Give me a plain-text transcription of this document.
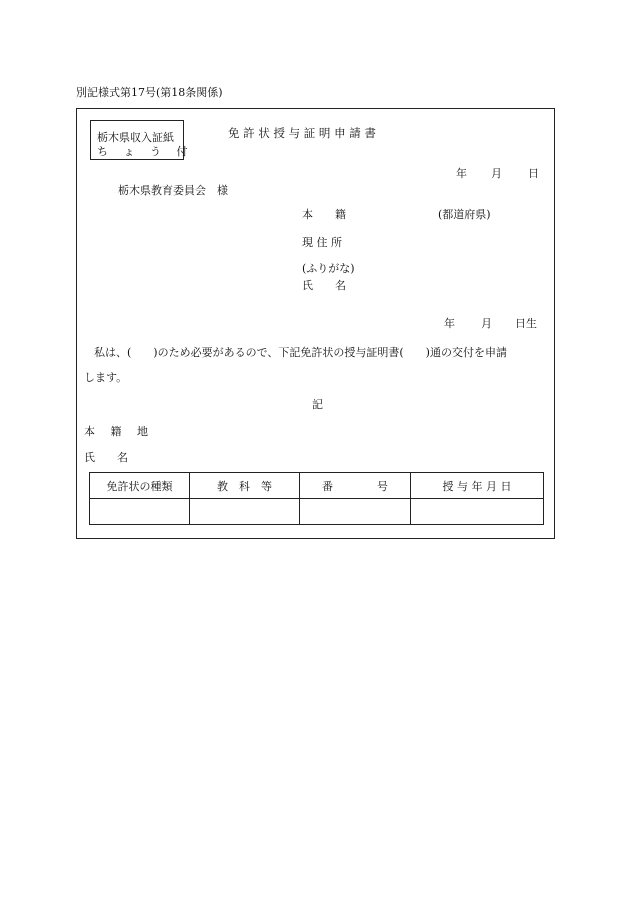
別記様式第17号(第18条関係)
栃木県収入証紙
ち ょ う 付
免 許 状 授 与 証 明 申 請 書
年 月 日
栃木県教育委員会　様
本　　籍	(都道府県)
現 住 所
(ふりがな)
氏　　名
年 月 日生
私は、(　　)のため必要があるので、下記免許状の授与証明書(　　)通の交付を申請
します。
記
本 籍 地
氏　　名
免許状の種類	教　科　等	番　　　　号	授 与 年 月 日
